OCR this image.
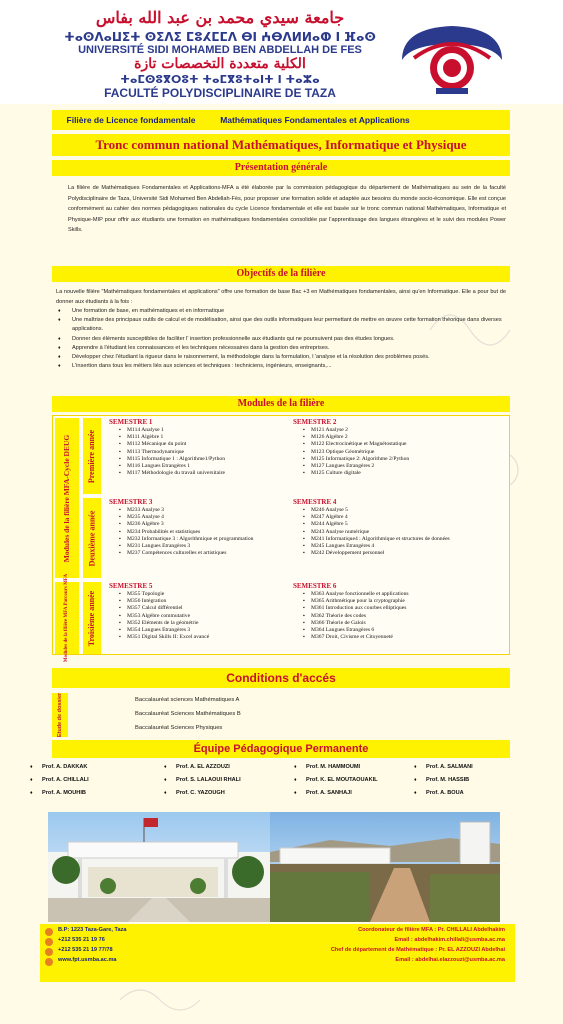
جامعة سيدي محمد بن عبد الله بفاس
ⵜⴰⵙⴷⴰⵡⵉⵜ ⵙⵉⴷⵉ ⵎⵓⵃⵎⵎⴷ ⴱⵏ ⵄⴱⴷⵍⵍⴰⵀ ⵏ ⴼⴰⵙ
UNIVERSITÉ SIDI MOHAMED BEN ABDELLAH DE FES
الكلية متعددة التخصصات تازة
ⵜⴰⵎⵙⵓⴳⵔⵓⵜ ⵜⴰⵎⴳⵓⵜⴰⵏⵜ ⵏ ⵜⴰⵣⴰ
FACULTÉ POLYDISCIPLINAIRE DE TAZA
Filière de Licence fondamentale	Mathématiques Fondamentales et Applications
Tronc commun national Mathématiques, Informatique et Physique
Présentation générale

La filière de Mathématiques Fondamentales et Applications-MFA a été élaborée par la commission pédagogique du département de Mathématiques au sein de la faculté Polydisciplinaire de Taza, Université Sidi Mohamed Ben Abdellah-Fès, pour proposer une formation solide et adaptée aux besoins du monde socio-économique. Elle est conçue conformément au cahier des normes pédagogiques nationales du cycle Licence fondamentale et elle est basée sur le tronc commun national Mathématiques, Informatique et Physique-MIP pour offrir aux étudiants une formation en mathématiques fondamentales consolidée par l'apprentissage des langues étrangères et le suivi des modules Power Skills.

Objectifs de la filière

La nouvelle filière "Mathématiques fondamentales et applications" offre une formation de base Bac +3 en Mathématiques fondamentales, ainsi qu'en Informatique. Elle a pour but de donner aux étudiants à la fois :

♦ Une formation de base, en mathématiques et en informatique
♦ Une maîtrise des principaux outils de calcul et de modélisation, ainsi que des outils informatiques leur permettant de mettre en œuvre cette formation théorique dans diverses applications.
♦ Donner des éléments susceptibles de faciliter l' insertion professionnelle aux étudiants qui ne poursuivent pas des études longues.
♦ Apprendre à l'étudiant les connaissances et les techniques nécessaires dans la gestion des entreprises.
♦ Développer chez l'étudiant la rigueur dans le raisonnement, la méthodologie dans la formulation, l 'analyse et la résolution des problèmes posés.
♦ L'insertion dans tous les métiers liés aux sciences et techniques : techniciens, ingénieurs, enseignants,...
Modules de la filière
Modules de la filière MFA-Cycle DEUG
Modules de la filière MFA Parcours MFA
Première année
Deuxième année
Troisième année
SEMESTRE 1
▪ M114 Analyse 1
▪ M111 Algèbre 1
▪ M112 Mécanique du point
▪ M113 Thermodynamique
▪ M115 Informatique 1 : Algorithme1/Python
▪ M116 Langues Etrangères 1
▪ M117 Méthodologie du travail universitaire
SEMESTRE 2
▪ M121 Analyse 2
▪ M126 Algèbre 2
▪ M122 Electrocinétique et Magnétostatique
▪ M123 Optique Géométrique
▪ M125 Informatique 2: Algorithme 2/Python
▪ M127 Langues Etrangères 2
▪ M125 Culture digitale
SEMESTRE 3
▪ M233 Analyse 3
▪ M235 Analyse 4
▪ M236 Algèbre 3
▪ M234 Probabilités et statistiques
▪ M232 Informatique 3 : Algorithmique et programmation
▪ M231 Langues Etrangères 3
▪ M237 Compétences culturelles et artistiques
SEMESTRE 4
▪ M246 Analyse 5
▪ M247 Algèbre 4
▪ M244 Algèbre 5
▪ M243 Analyse numérique
▪ M241 Informatique4 : Algorithmique et structures de données
▪ M245 Langues Etrangères 4
▪ M242 Développement personnel
SEMESTRE 5
▪ M355 Topologie
▪ M356 Intégration
▪ M357 Calcul différentiel
▪ M353 Algèbre commutative
▪ M352 Eléments de la géométrie
▪ M354 Langues Etrangères 3
▪ M351 Digital Skills II: Excel avancé
SEMESTRE 6
▪ M363 Analyse fonctionnelle et applications
▪ M365 Arithmétique pour la cryptographie
▪ M361 Introduction aux courbes elliptiques
▪ M362 Théorie des codes
▪ M366 Théorie de Galois
▪ M364 Langues Etrangères 6
▪ M367 Droit, Civisme et Citoyenneté
Conditions d'accés
Etude de dossier	Baccalauréat sciences Mathématiques A
Baccalauréat Sciences Mathématiques B
Baccalauréat Sciences Physiques
Équipe Pédagogique Permanente
♦ Prof. A. DAKKAK	♦ Prof. A. EL AZZOUZI	♦ Prof. M. HAMMOUMI	♦ Prof. A. SALMANI
♦ Prof. A. CHILLALI	♦ Prof. S. LALAOUI RHALI	♦ Prof. K. EL MOUTAOUAKIL	♦ Prof. M. HASSIB
♦ Prof. A. MOUHIB	♦ Prof. C. YAZOUGH	♦ Prof. A. SANHAJI	♦ Prof. A. BOUA
B.P: 1223 Taza-Gare, Taza
+212 535 21 19 76
+212 535 21 19 77/78
www.fpt.usmba.ac.ma
Coordonateur de filière MFA : Pr. CHILLALI Abdelhakim
Email : abdelhakim.chillali@usmba.ac.ma
Chef de département de Mathématique : Pr. EL AZZOUZI Abdelhai
Email : abdelhai.elazzouzi@usmba.ac.ma
